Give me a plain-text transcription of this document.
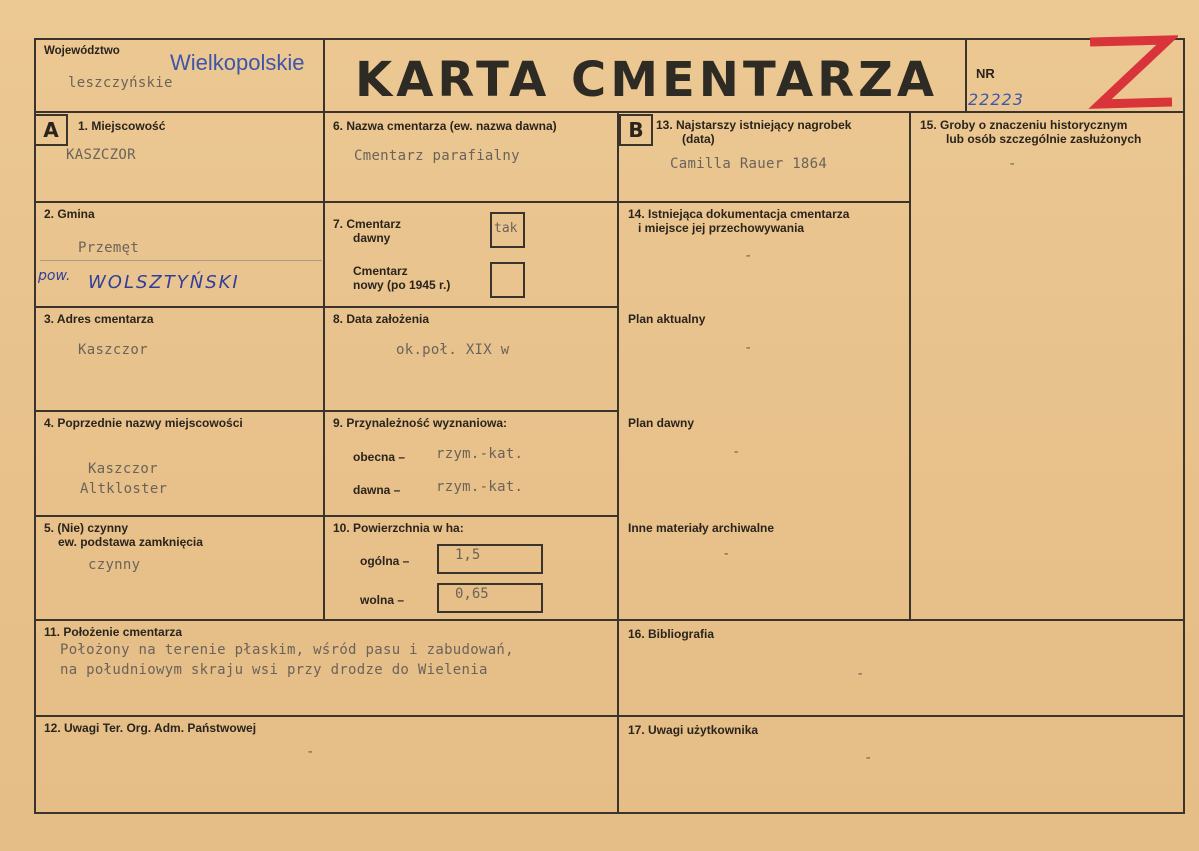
Województwo Wielkopolskie
leszczyńskie	KARTA CMENTARZA	NR
22223
A	B
1. Miejscowość
KASZCZOR
2. Gmina
Przemęt
pow. WOLSZTYŃSKI
3. Adres cmentarza
Kaszczor
4. Poprzednie nazwy miejscowości
Kaszczor
Altkloster
5. (Nie) czynny
ew. podstawa zamknięcia
czynny
6. Nazwa cmentarza (ew. nazwa dawna)
Cmentarz parafialny
7. Cmentarz
dawny
tak
Cmentarz
nowy (po 1945 r.)
8. Data założenia
ok.poł. XIX w
9. Przynależność wyznaniowa:
obecna – rzym.-kat.
dawna –	rzym.-kat.
10. Powierzchnia w ha:
ogólna –	1,5
wolna –	0,65
11. Położenie cmentarza
Położony na terenie płaskim, wśród pasu i zabudowań,
na południowym skraju wsi przy drodze do Wielenia
12. Uwagi Ter. Org. Adm. Państwowej
-
13. Najstarszy istniejący nagrobek
(data)
Camilla Rauer 1864
14. Istniejąca dokumentacja cmentarza
i miejsce jej przechowywania
-
Plan aktualny
-
Plan dawny
-
Inne materiały archiwalne
-
15. Groby o znaczeniu historycznym
lub osób szczególnie zasłużonych
-
16. Bibliografia
-
17. Uwagi użytkownika
-
